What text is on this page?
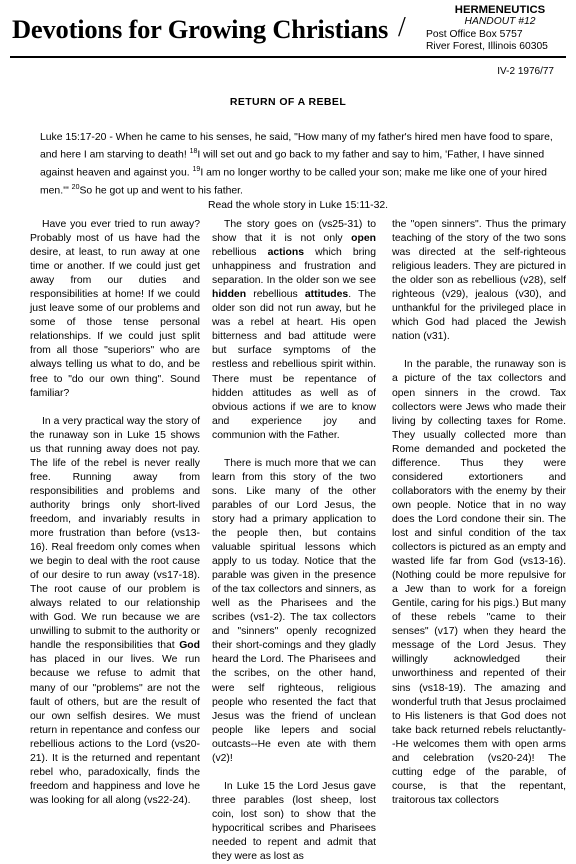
Devotions for Growing Christians /
HERMENEUTICS
HANDOUT #12
Post Office Box 5757
River Forest, Illinois 60305
IV-2 1976/77
RETURN OF A REBEL
Luke 15:17-20 - When he came to his senses, he said, "How many of my father's hired men have food to spare, and here I am starving to death! $^{18}$I will set out and go back to my father and say to him, 'Father, I have sinned against heaven and against you. $^{19}$I am no longer worthy to be called your son; make me like one of your hired men.'" $^{20}$So he got up and went to his father.
Read the whole story in Luke 15:11-32.

Have you ever tried to run away? Probably most of us have had the desire, at least, to run away at one time or another. If we could just get away from our duties and responsibilities at home! If we could just leave some of our problems and some of those tense personal relationships. If we could just split from all those "superiors" who are always telling us what to do, and be free to "do our own thing". Sound familiar?

In a very practical way the story of the runaway son in Luke 15 shows us that running away does not pay. The life of the rebel is never really free. Running away from responsibilities and problems and authority brings only short-lived freedom, and invariably results in more frustration than before (vs13-16). Real freedom only comes when we begin to deal with the root cause of our desire to run away (vs17-18). The root cause of our problem is always related to our relationship with God. We run because we are unwilling to submit to the authority or handle the responsibilities that God has placed in our lives. We run because we refuse to admit that many of our "problems" are not the fault of others, but are the result of our own selfish desires. We must return in repentance and confess our rebellious actions to the Lord (vs20-21). It is the returned and repentant rebel who, paradoxically, finds the freedom and happiness and love he was looking for all along (vs22-24).

The story goes on (vs25-31) to show that it is not only open rebellious actions which bring unhappiness and frustration and separation. In the older son we see hidden rebellious attitudes. The older son did not run away, but he was a rebel at heart. His open bitterness and bad attitude were but surface symptoms of the restless and rebellious spirit within. There must be repentance of hidden attitudes as well as of obvious actions if we are to know and experience joy and communion with the Father.

There is much more that we can learn from this story of the two sons. Like many of the other parables of our Lord Jesus, the story had a primary application to the people then, but contains valuable spiritual lessons which apply to us today. Notice that the parable was given in the presence of the tax collectors and sinners, as well as the Pharisees and the scribes (vs1-2). The tax collectors and "sinners" openly recognized their short-comings and they gladly heard the Lord. The Pharisees and the scribes, on the other hand, were self righteous, religious people who resented the fact that Jesus was the friend of unclean people like lepers and social outcasts--He even ate with them (v2)!

In Luke 15 the Lord Jesus gave three parables (lost sheep, lost coin, lost son) to show that the hypocritical scribes and Pharisees needed to repent and admit that they were as lost as

the "open sinners". Thus the primary teaching of the story of the two sons was directed at the self-righteous religious leaders. They are pictured in the older son as rebellious (v28), self righteous (v29), jealous (v30), and unthankful for the privileged place in which God had placed the Jewish nation (v31).

In the parable, the runaway son is a picture of the tax collectors and open sinners in the crowd. Tax collectors were Jews who made their living by collecting taxes for Rome. They usually collected more than Rome demanded and pocketed the difference. Thus they were considered extortioners and collaborators with the enemy by their own people. Notice that in no way does the Lord condone their sin. The lost and sinful condition of the tax collectors is pictured as an empty and wasted life far from God (vs13-16). (Nothing could be more repulsive for a Jew than to work for a foreign Gentile, caring for his pigs.) But many of these rebels "came to their senses" (v17) when they heard the message of the Lord Jesus. They willingly acknowledged their unworthiness and repented of their sins (vs18-19). The amazing and wonderful truth that Jesus proclaimed to His listeners is that God does not take back returned rebels reluctantly--He welcomes them with open arms and celebration (vs20-24)! The cutting edge of the parable, of course, is that the repentant, traitorous tax collectors
